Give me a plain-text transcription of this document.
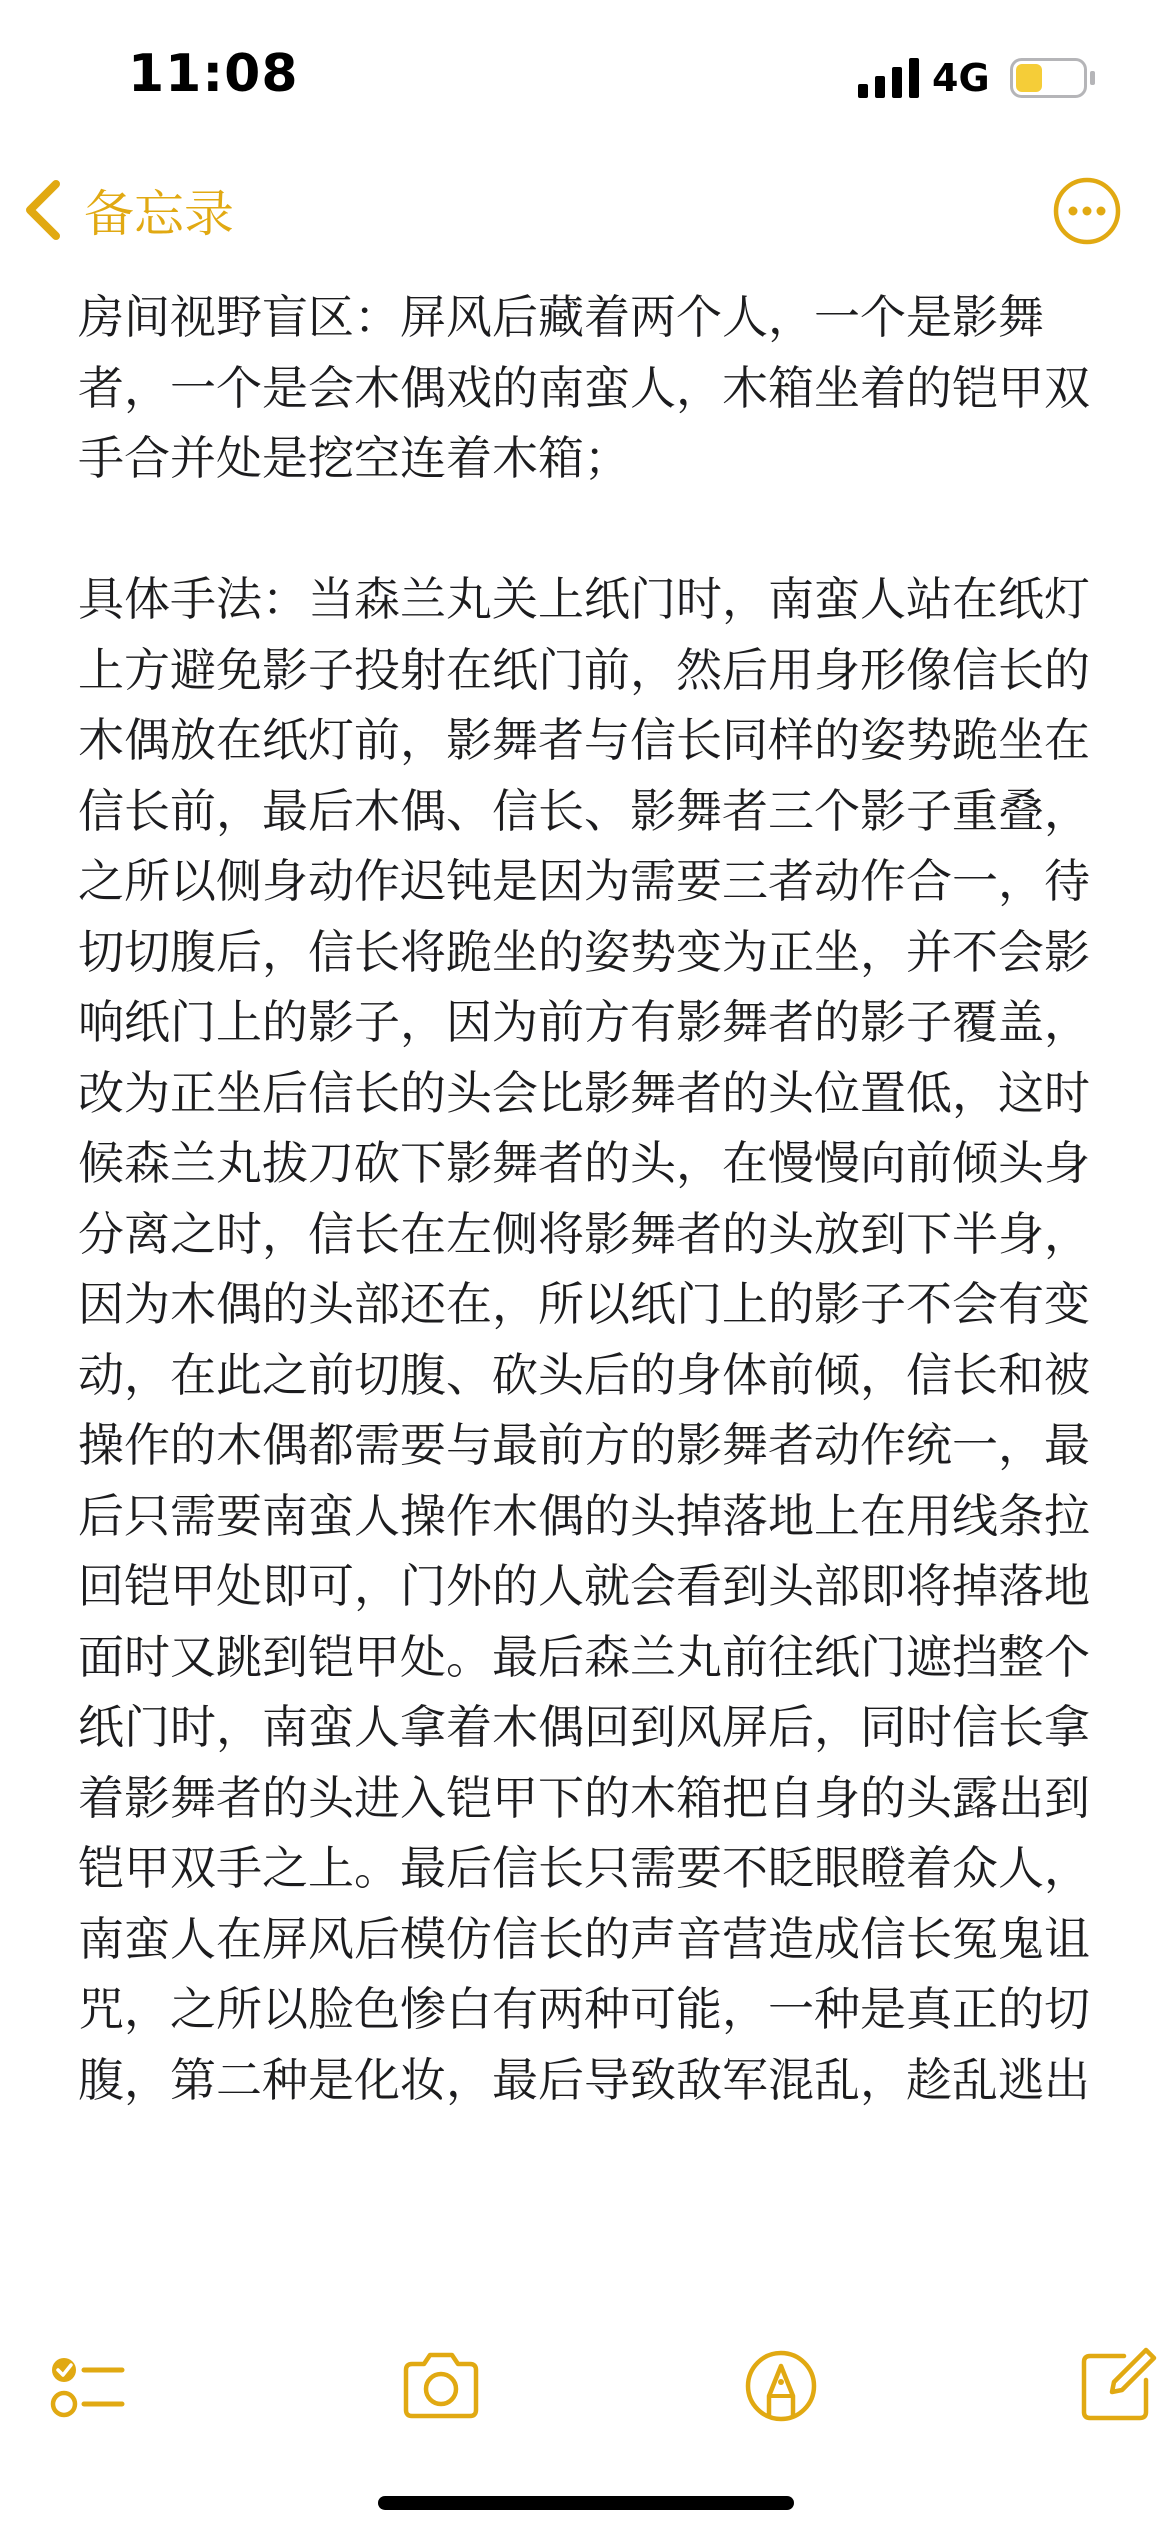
11:08	4G
备忘录

房间视野盲区：屏风后藏着两个人，一个是影舞者，一个是会木偶戏的南蛮人，木箱坐着的铠甲双手合并处是挖空连着木箱；

具体手法：当森兰丸关上纸门时，南蛮人站在纸灯上方避免影子投射在纸门前，然后用身形像信长的木偶放在纸灯前，影舞者与信长同样的姿势跪坐在信长前，最后木偶、信长、影舞者三个影子重叠，之所以侧身动作迟钝是因为需要三者动作合一，待切切腹后，信长将跪坐的姿势变为正坐，并不会影响纸门上的影子，因为前方有影舞者的影子覆盖，改为正坐后信长的头会比影舞者的头位置低，这时候森兰丸拔刀砍下影舞者的头，在慢慢向前倾头身分离之时，信长在左侧将影舞者的头放到下半身，因为木偶的头部还在，所以纸门上的影子不会有变动，在此之前切腹、砍头后的身体前倾，信长和被操作的木偶都需要与最前方的影舞者动作统一，最后只需要南蛮人操作木偶的头掉落地上在用线条拉回铠甲处即可，门外的人就会看到头部即将掉落地面时又跳到铠甲处。最后森兰丸前往纸门遮挡整个纸门时，南蛮人拿着木偶回到风屏后，同时信长拿着影舞者的头进入铠甲下的木箱把自身的头露出到铠甲双手之上。最后信长只需要不眨眼瞪着众人，南蛮人在屏风后模仿信长的声音营造成信长冤鬼诅咒，之所以脸色惨白有两种可能，一种是真正的切腹，第二种是化妆，最后导致敌军混乱，趁乱逃出
